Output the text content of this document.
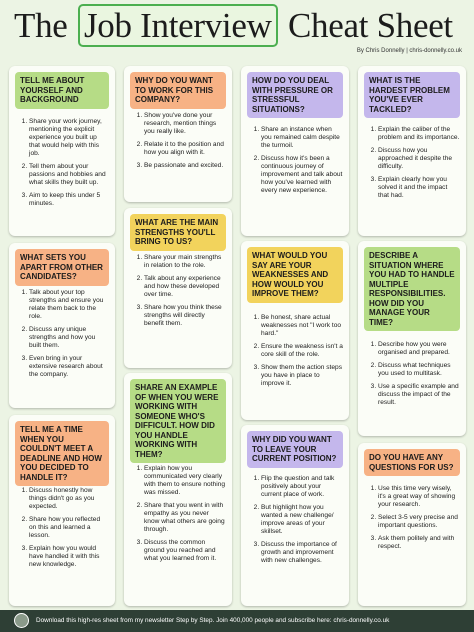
The Job Interview Cheat Sheet
By Chris Donnelly | chris-donnelly.co.uk
TELL ME ABOUT YOURSELF AND BACKGROUND
1. Share your work journey, mentioning the explicit experience you built up that would help with this job.
2. Tell them about your passions and hobbies and what skills they built up.
3. Aim to keep this under 5 minutes.
WHAT SETS YOU APART FROM OTHER CANDIDATES?
1. Talk about your top strengths and ensure you relate them back to the role.
2. Discuss any unique strengths and how you built them.
3. Even bring in your extensive research about the company.
TELL ME A TIME WHEN YOU COULDN'T MEET A DEADLINE AND HOW YOU DECIDED TO HANDLE IT?
1. Discuss honestly how things didn't go as you expected.
2. Share how you reflected on this and learned a lesson.
3. Explain how you would have handled it with this new knowledge.
WHY DO YOU WANT TO WORK FOR THIS COMPANY?
1. Show you've done your research, mention things you really like.
2. Relate it to the position and how you align with it.
3. Be passionate and excited.
WHAT ARE THE MAIN STRENGTHS YOU'LL BRING TO US?
1. Share your main strengths in relation to the role.
2. Talk about any experience and how these developed over time.
3. Share how you think these strengths will directly benefit them.
SHARE AN EXAMPLE OF WHEN YOU WERE WORKING WITH SOMEONE WHO'S DIFFICULT. HOW DID YOU HANDLE WORKING WITH THEM?
1. Explain how you communicated very clearly with them to ensure nothing was missed.
2. Share that you went in with empathy as you never know what others are going through.
3. Discuss the common ground you reached and what you learned from it.
HOW DO YOU DEAL WITH PRESSURE OR STRESSFUL SITUATIONS?
1. Share an instance when you remained calm despite the turmoil.
2. Discuss how it's been a continuous journey of improvement and talk about how you've learned with every new experience.
WHAT WOULD YOU SAY ARE YOUR WEAKNESSES AND HOW WOULD YOU IMPROVE THEM?
1. Be honest, share actual weaknesses not "I work too hard."
2. Ensure the weakness isn't a core skill of the role.
3. Show them the action steps you have in place to improve it.
WHY DID YOU WANT TO LEAVE YOUR CURRENT POSITION?
1. Flip the question and talk positively about your current place of work.
2. But highlight how you wanted a new challenge/ improve areas of your skillset.
3. Discuss the importance of growth and improvement with new challenges.
WHAT IS THE HARDEST PROBLEM YOU'VE EVER TACKLED?
1. Explain the caliber of the problem and its importance.
2. Discuss how you approached it despite the difficulty.
3. Explain clearly how you solved it and the impact that had.
DESCRIBE A SITUATION WHERE YOU HAD TO HANDLE MULTIPLE RESPONSIBILITIES. HOW DID YOU MANAGE YOUR TIME?
1. Describe how you were organised and prepared.
2. Discuss what techniques you used to multitask.
3. Use a specific example and discuss the impact of the result.
DO YOU HAVE ANY QUESTIONS FOR US?
1. Use this time very wisely, it's a great way of showing your research.
2. Select 3-5 very precise and important questions.
3. Ask them politely and with respect.
Download this high-res sheet from my newsletter Step by Step. Join 400,000 people and subscribe here: chris-donnelly.co.uk
